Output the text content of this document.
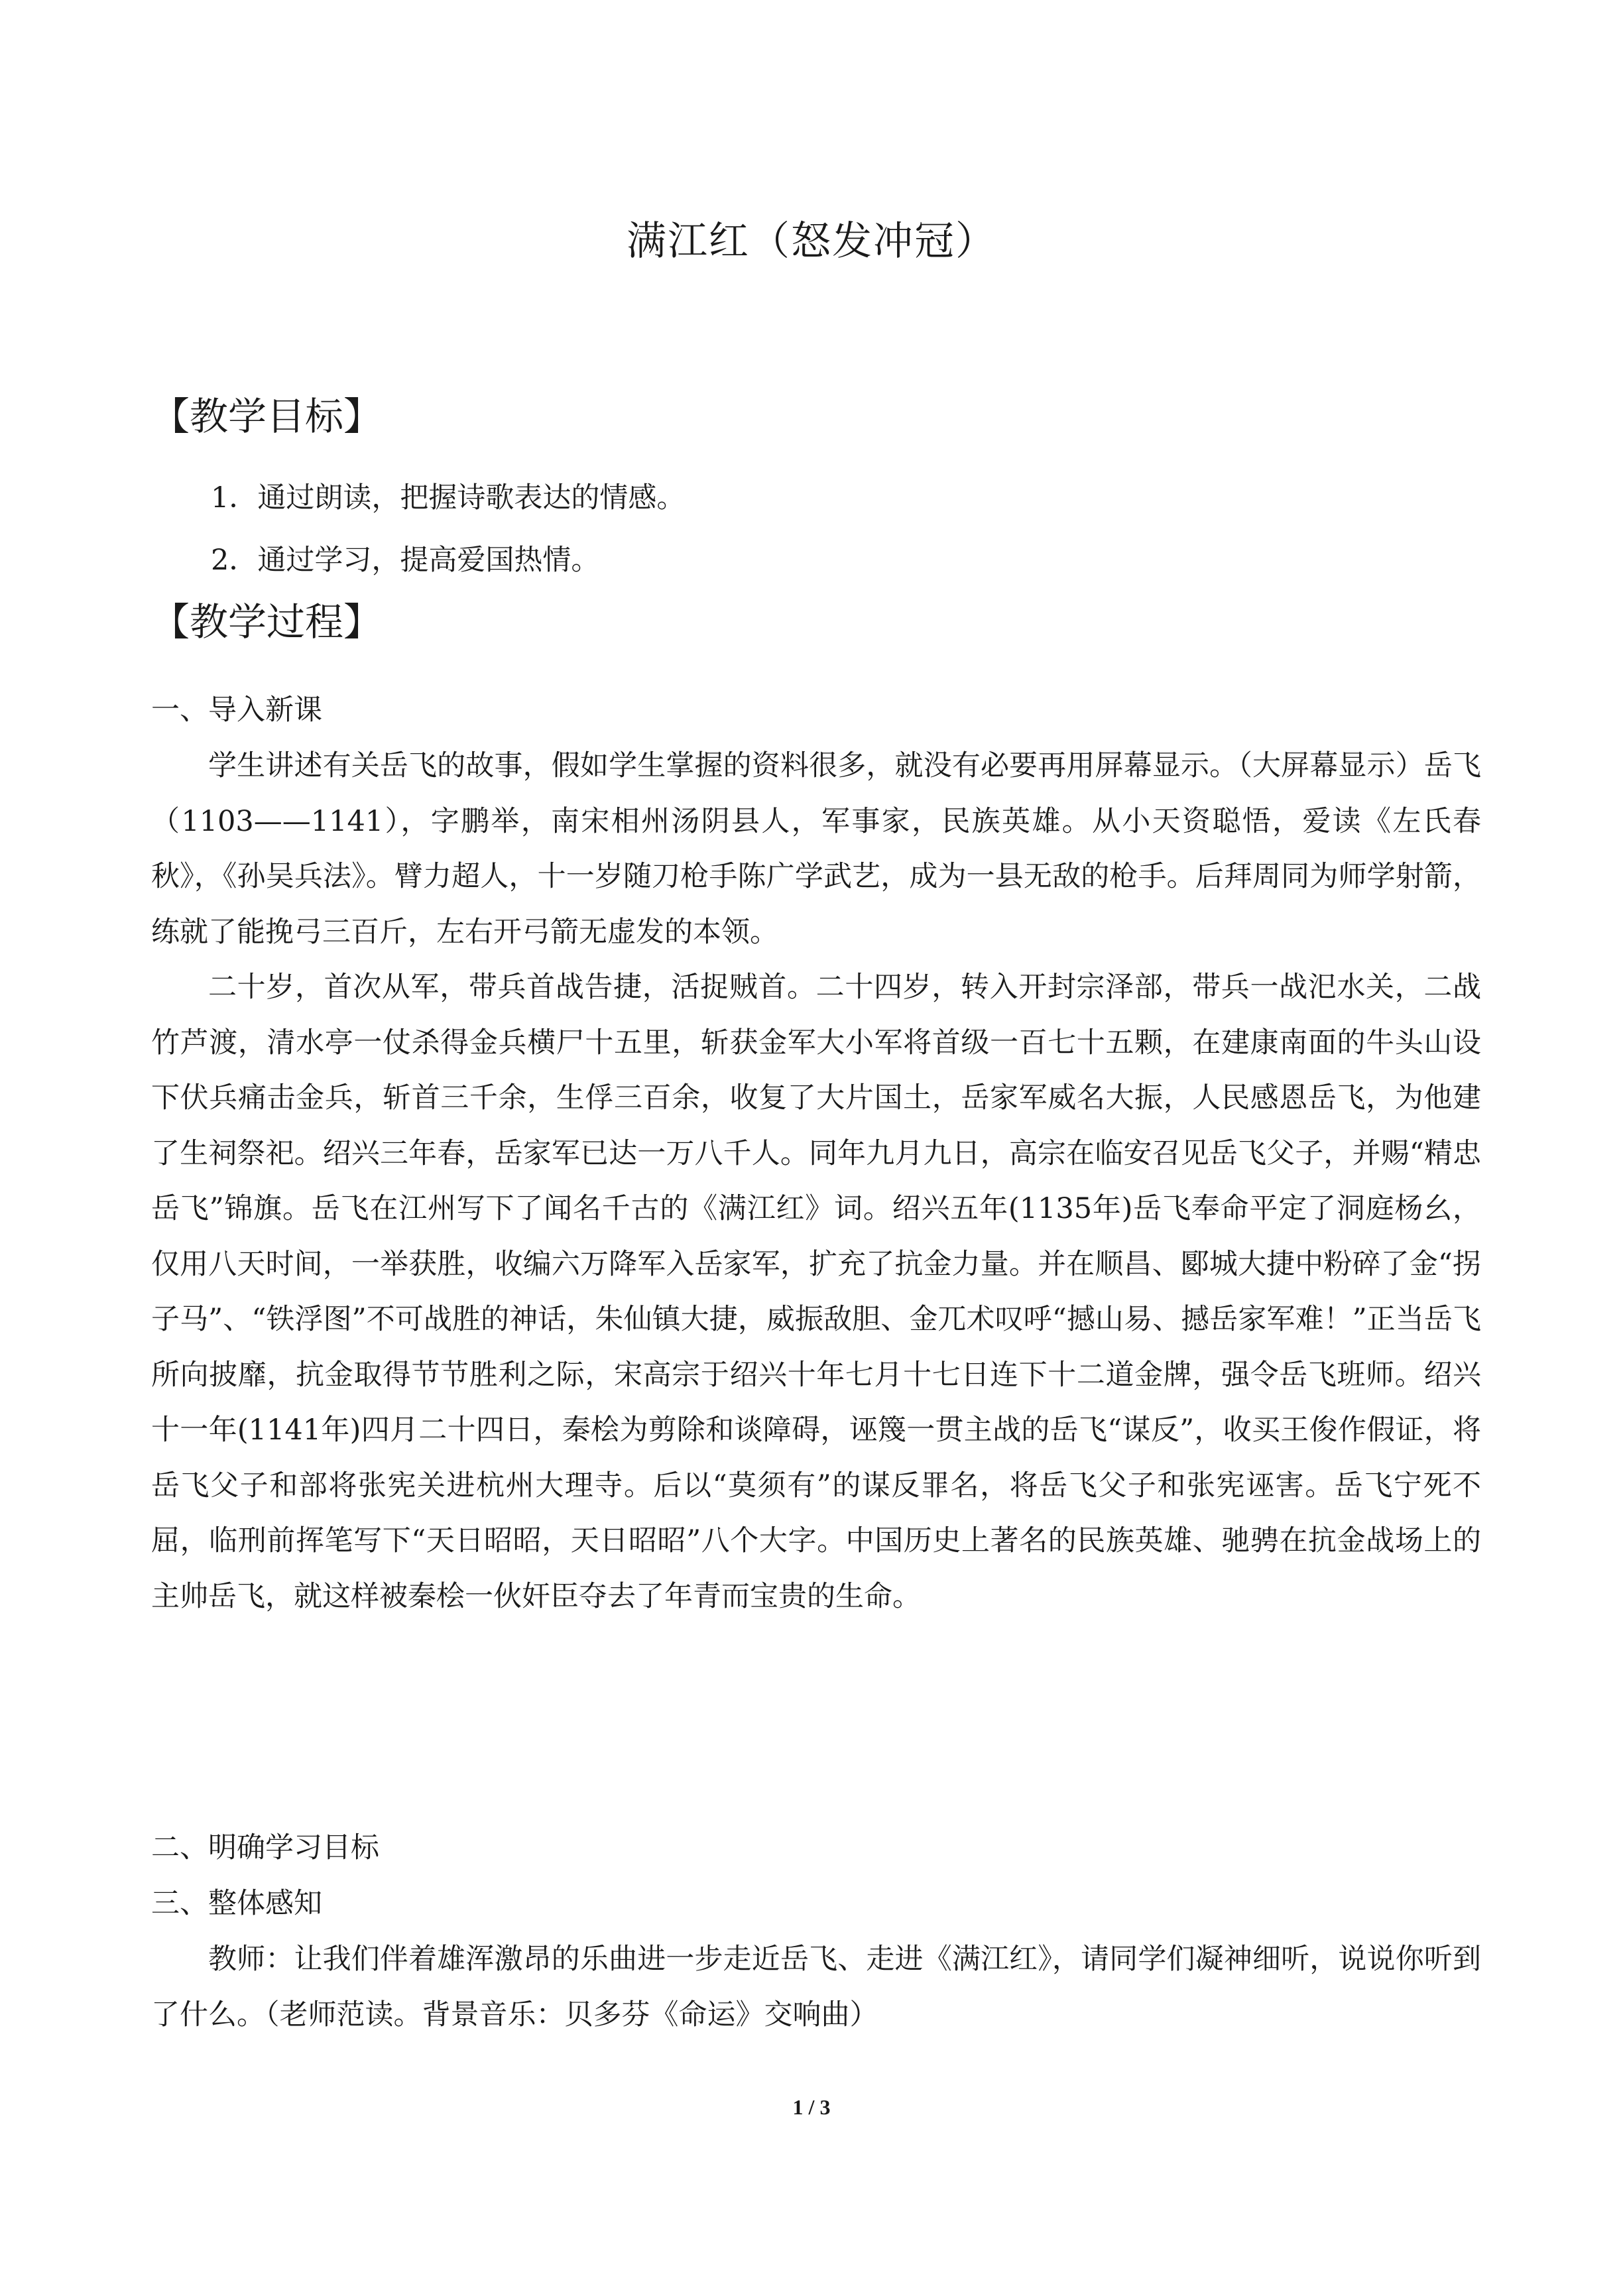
满江红（怒发冲冠）
【教学目标】
1．通过朗读，把握诗歌表达的情感。
2．通过学习，提高爱国热情。
【教学过程】
一、导入新课
学生讲述有关岳飞的故事，假如学生掌握的资料很多，就没有必要再用屏幕显示。（大屏幕显示）岳飞（1103——1141），字鹏举，南宋相州汤阴县人，军事家，民族英雄。从小天资聪悟，爱读《左氏春秋》，《孙吴兵法》。臂力超人，十一岁随刀枪手陈广学武艺，成为一县无敌的枪手。后拜周同为师学射箭，练就了能挽弓三百斤，左右开弓箭无虚发的本领。
二十岁，首次从军，带兵首战告捷，活捉贼首。二十四岁，转入开封宗泽部，带兵一战汜水关，二战竹芦渡，清水亭一仗杀得金兵横尸十五里，斩获金军大小军将首级一百七十五颗，在建康南面的牛头山设下伏兵痛击金兵，斩首三千余，生俘三百余，收复了大片国土，岳家军威名大振，人民感恩岳飞，为他建了生祠祭祀。绍兴三年春，岳家军已达一万八千人。同年九月九日，高宗在临安召见岳飞父子，并赐“精忠岳飞”锦旗。岳飞在江州写下了闻名千古的《满江红》词。绍兴五年(1135年)岳飞奉命平定了洞庭杨幺，仅用八天时间，一举获胜，收编六万降军入岳家军，扩充了抗金力量。并在顺昌、郾城大捷中粉碎了金“拐子马”、“铁浮图”不可战胜的神话，朱仙镇大捷，威振敌胆、金兀术叹呼“撼山易、撼岳家军难！”正当岳飞所向披靡，抗金取得节节胜利之际，宋高宗于绍兴十年七月十七日连下十二道金牌，强令岳飞班师。绍兴十一年(1141年)四月二十四日，秦桧为剪除和谈障碍，诬篾一贯主战的岳飞“谋反”，收买王俊作假证，将岳飞父子和部将张宪关进杭州大理寺。后以“莫须有”的谋反罪名，将岳飞父子和张宪诬害。岳飞宁死不屈，临刑前挥笔写下“天日昭昭，天日昭昭”八个大字。中国历史上著名的民族英雄、驰骋在抗金战场上的主帅岳飞，就这样被秦桧一伙奸臣夺去了年青而宝贵的生命。
二、明确学习目标
三、整体感知
教师：让我们伴着雄浑激昂的乐曲进一步走近岳飞、走进《满江红》，请同学们凝神细听，说说你听到了什么。（老师范读。背景音乐：贝多芬《命运》交响曲）
1 / 3
